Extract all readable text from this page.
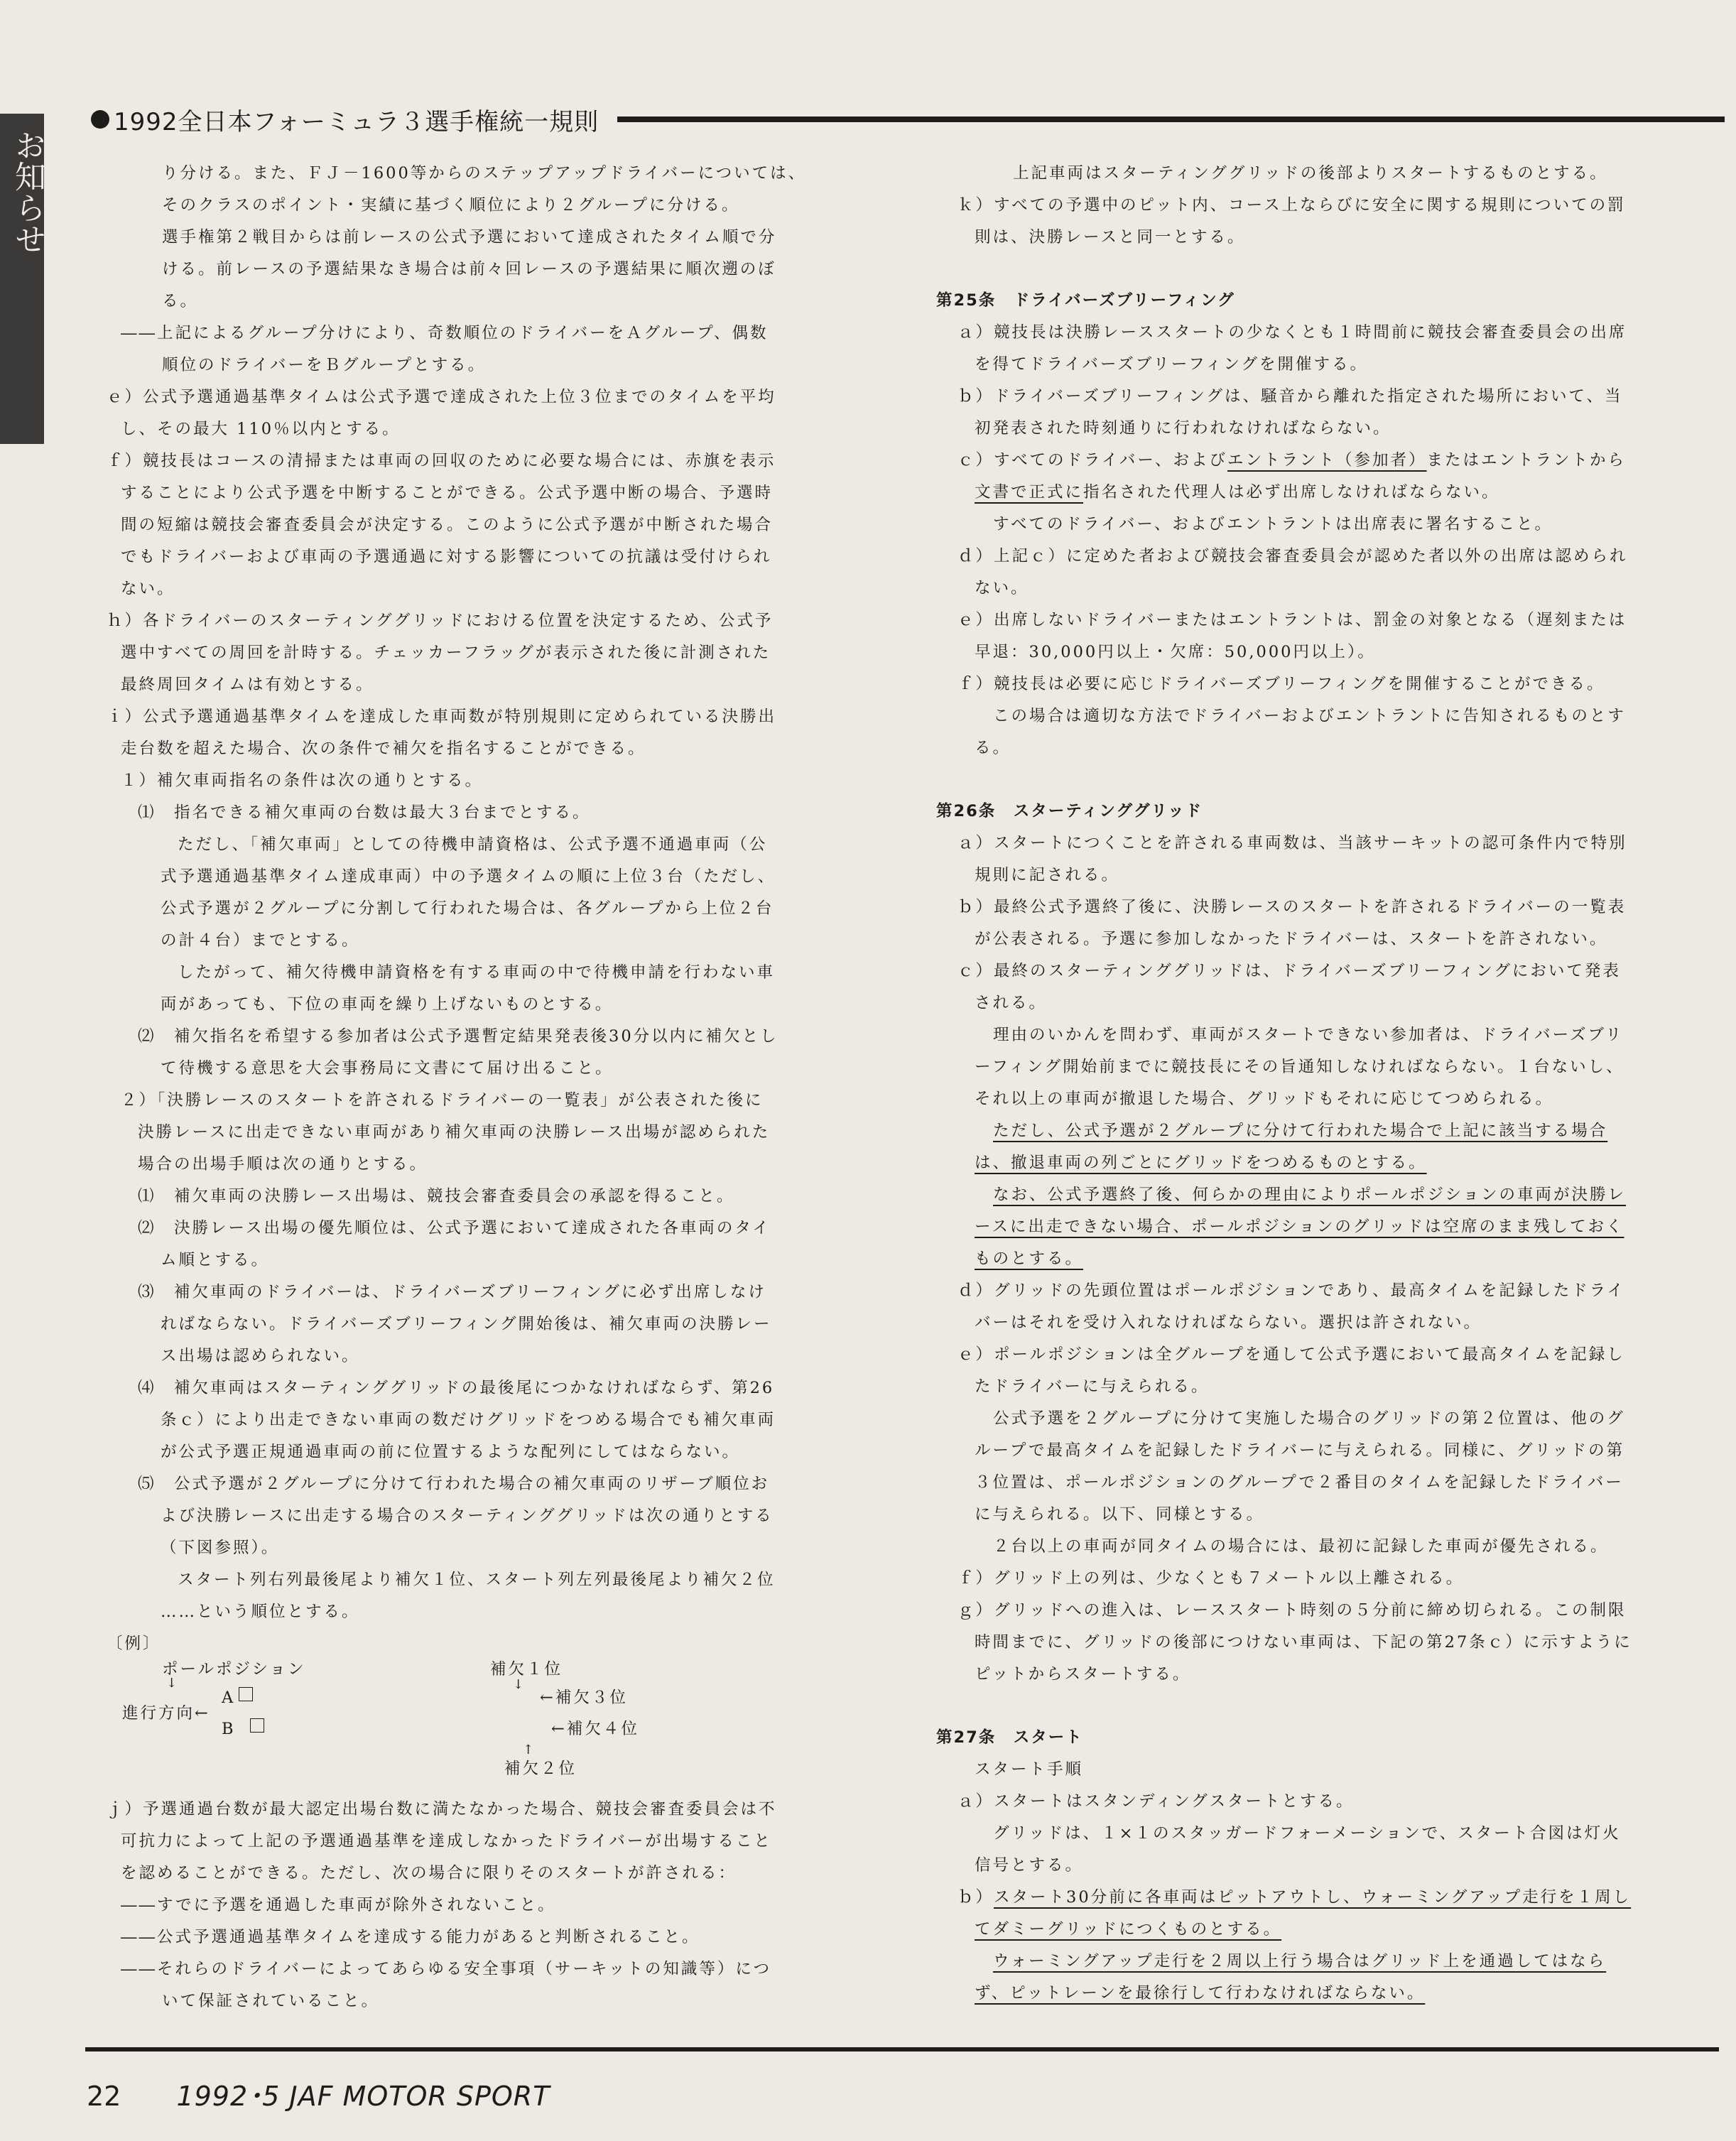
お知らせ
1992全日本フォーミュラ３選手権統一規則

り分ける。また、ＦＪ－1600等からのステップアップドライバーについては、

そのクラスのポイント・実績に基づく順位により２グループに分ける。

選手権第２戦目からは前レースの公式予選において達成されたタイム順で分

ける。前レースの予選結果なき場合は前々回レースの予選結果に順次遡のぼ

る。

――上記によるグループ分けにより、奇数順位のドライバーをＡグループ、偶数

順位のドライバーをＢグループとする。

ｅ）公式予選通過基準タイムは公式予選で達成された上位３位までのタイムを平均

し、その最大 110％以内とする。

ｆ）競技長はコースの清掃または車両の回収のために必要な場合には、赤旗を表示

することにより公式予選を中断することができる。公式予選中断の場合、予選時

間の短縮は競技会審査委員会が決定する。このように公式予選が中断された場合

でもドライバーおよび車両の予選通過に対する影響についての抗議は受付けられ

ない。

ｈ）各ドライバーのスターティンググリッドにおける位置を決定するため、公式予

選中すべての周回を計時する。チェッカーフラッグが表示された後に計測された

最終周回タイムは有効とする。

ｉ）公式予選通過基準タイムを達成した車両数が特別規則に定められている決勝出

走台数を超えた場合、次の条件で補欠を指名することができる。

１）補欠車両指名の条件は次の通りとする。

⑴　指名できる補欠車両の台数は最大３台までとする。

ただし、「補欠車両」としての待機申請資格は、公式予選不通過車両（公

式予選通過基準タイム達成車両）中の予選タイムの順に上位３台（ただし、

公式予選が２グループに分割して行われた場合は、各グループから上位２台

の計４台）までとする。

したがって、補欠待機申請資格を有する車両の中で待機申請を行わない車

両があっても、下位の車両を繰り上げないものとする。

⑵　補欠指名を希望する参加者は公式予選暫定結果発表後30分以内に補欠とし

て待機する意思を大会事務局に文書にて届け出ること。

２）「決勝レースのスタートを許されるドライバーの一覧表」が公表された後に

決勝レースに出走できない車両があり補欠車両の決勝レース出場が認められた

場合の出場手順は次の通りとする。

⑴　補欠車両の決勝レース出場は、競技会審査委員会の承認を得ること。

⑵　決勝レース出場の優先順位は、公式予選において達成された各車両のタイ

ム順とする。

⑶　補欠車両のドライバーは、ドライバーズブリーフィングに必ず出席しなけ

ればならない。ドライバーズブリーフィング開始後は、補欠車両の決勝レー

ス出場は認められない。

⑷　補欠車両はスターティンググリッドの最後尾につかなければならず、第26

条ｃ）により出走できない車両の数だけグリッドをつめる場合でも補欠車両

が公式予選正規通過車両の前に位置するような配列にしてはならない。

⑸　公式予選が２グループに分けて行われた場合の補欠車両のリザーブ順位お

よび決勝レースに出走する場合のスターティンググリッドは次の通りとする

（下図参照）。

スタート列右列最後尾より補欠１位、スタート列左列最後尾より補欠２位

……という順位とする。

〔例〕

ポールポジション
↓
補欠１位
↓
A	←補欠３位
進行方向←
B	←補欠４位
↑
補欠２位

ｊ）予選通過台数が最大認定出場台数に満たなかった場合、競技会審査委員会は不

可抗力によって上記の予選通過基準を達成しなかったドライバーが出場すること

を認めることができる。ただし、次の場合に限りそのスタートが許される：

――すでに予選を通過した車両が除外されないこと。

――公式予選通過基準タイムを達成する能力があると判断されること。

――それらのドライバーによってあらゆる安全事項（サーキットの知識等）につ

いて保証されていること。

上記車両はスターティンググリッドの後部よりスタートするものとする。

ｋ）すべての予選中のピット内、コース上ならびに安全に関する規則についての罰

則は、決勝レースと同一とする。

第25条　ドライバーズブリーフィング

ａ）競技長は決勝レーススタートの少なくとも１時間前に競技会審査委員会の出席

を得てドライバーズブリーフィングを開催する。

ｂ）ドライバーズブリーフィングは、騒音から離れた指定された場所において、当

初発表された時刻通りに行われなければならない。

ｃ）すべてのドライバー、およびエントラント（参加者）またはエントラントから

文書で正式に指名された代理人は必ず出席しなければならない。

すべてのドライバー、およびエントラントは出席表に署名すること。

ｄ）上記ｃ）に定めた者および競技会審査委員会が認めた者以外の出席は認められ

ない。

ｅ）出席しないドライバーまたはエントラントは、罰金の対象となる（遅刻または

早退：30,000円以上・欠席：50,000円以上）。

ｆ）競技長は必要に応じドライバーズブリーフィングを開催することができる。

この場合は適切な方法でドライバーおよびエントラントに告知されるものとす

る。

第26条　スターティンググリッド

ａ）スタートにつくことを許される車両数は、当該サーキットの認可条件内で特別

規則に記される。

ｂ）最終公式予選終了後に、決勝レースのスタートを許されるドライバーの一覧表

が公表される。予選に参加しなかったドライバーは、スタートを許されない。

ｃ）最終のスターティンググリッドは、ドライバーズブリーフィングにおいて発表

される。

理由のいかんを問わず、車両がスタートできない参加者は、ドライバーズブリ

ーフィング開始前までに競技長にその旨通知しなければならない。１台ないし、

それ以上の車両が撤退した場合、グリッドもそれに応じてつめられる。

ただし、公式予選が２グループに分けて行われた場合で上記に該当する場合

は、撤退車両の列ごとにグリッドをつめるものとする。

なお、公式予選終了後、何らかの理由によりポールポジションの車両が決勝レ

ースに出走できない場合、ポールポジションのグリッドは空席のまま残しておく

ものとする。

ｄ）グリッドの先頭位置はポールポジションであり、最高タイムを記録したドライ

バーはそれを受け入れなければならない。選択は許されない。

ｅ）ポールポジションは全グループを通して公式予選において最高タイムを記録し

たドライバーに与えられる。

公式予選を２グループに分けて実施した場合のグリッドの第２位置は、他のグ

ループで最高タイムを記録したドライバーに与えられる。同様に、グリッドの第

３位置は、ポールポジションのグループで２番目のタイムを記録したドライバー

に与えられる。以下、同様とする。

２台以上の車両が同タイムの場合には、最初に記録した車両が優先される。

ｆ）グリッド上の列は、少なくとも７メートル以上離される。

ｇ）グリッドへの進入は、レーススタート時刻の５分前に締め切られる。この制限

時間までに、グリッドの後部につけない車両は、下記の第27条ｃ）に示すように

ピットからスタートする。

第27条　スタート

スタート手順

ａ）スタートはスタンディングスタートとする。

グリッドは、１×１のスタッガードフォーメーションで、スタート合図は灯火

信号とする。

ｂ）スタート30分前に各車両はピットアウトし、ウォーミングアップ走行を１周し

てダミーグリッドにつくものとする。

ウォーミングアップ走行を２周以上行う場合はグリッド上を通過してはなら

ず、ピットレーンを最徐行して行わなければならない。

22 1992･5 JAF MOTOR SPORT
